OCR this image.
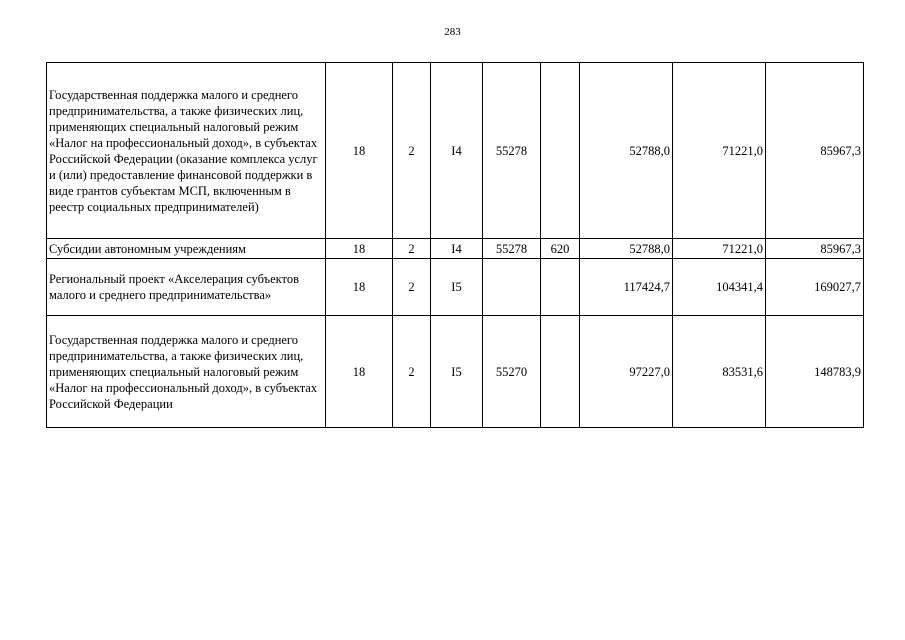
283
Государственная поддержка малого и среднего предпринимательства, а также физических лиц, применяющих специальный налоговый режим «Налог на профессиональный доход», в субъектах Российской Федерации (оказание комплекса услуг и (или) предоставление финансовой поддержки в виде грантов субъектам МСП, включенным в реестр социальных предпринимателей)	18	2	I4	55278		52788,0	71221,0	85967,3
Субсидии автономным учреждениям	18	2	I4	55278	620	52788,0	71221,0	85967,3
Региональный проект «Акселерация субъектов малого и среднего предпринимательства»	18	2	I5			117424,7	104341,4	169027,7
Государственная поддержка малого и среднего предпринимательства, а также физических лиц, применяющих специальный налоговый режим «Налог на профессиональный доход», в субъектах Российской Федерации	18	2	I5	55270		97227,0	83531,6	148783,9
